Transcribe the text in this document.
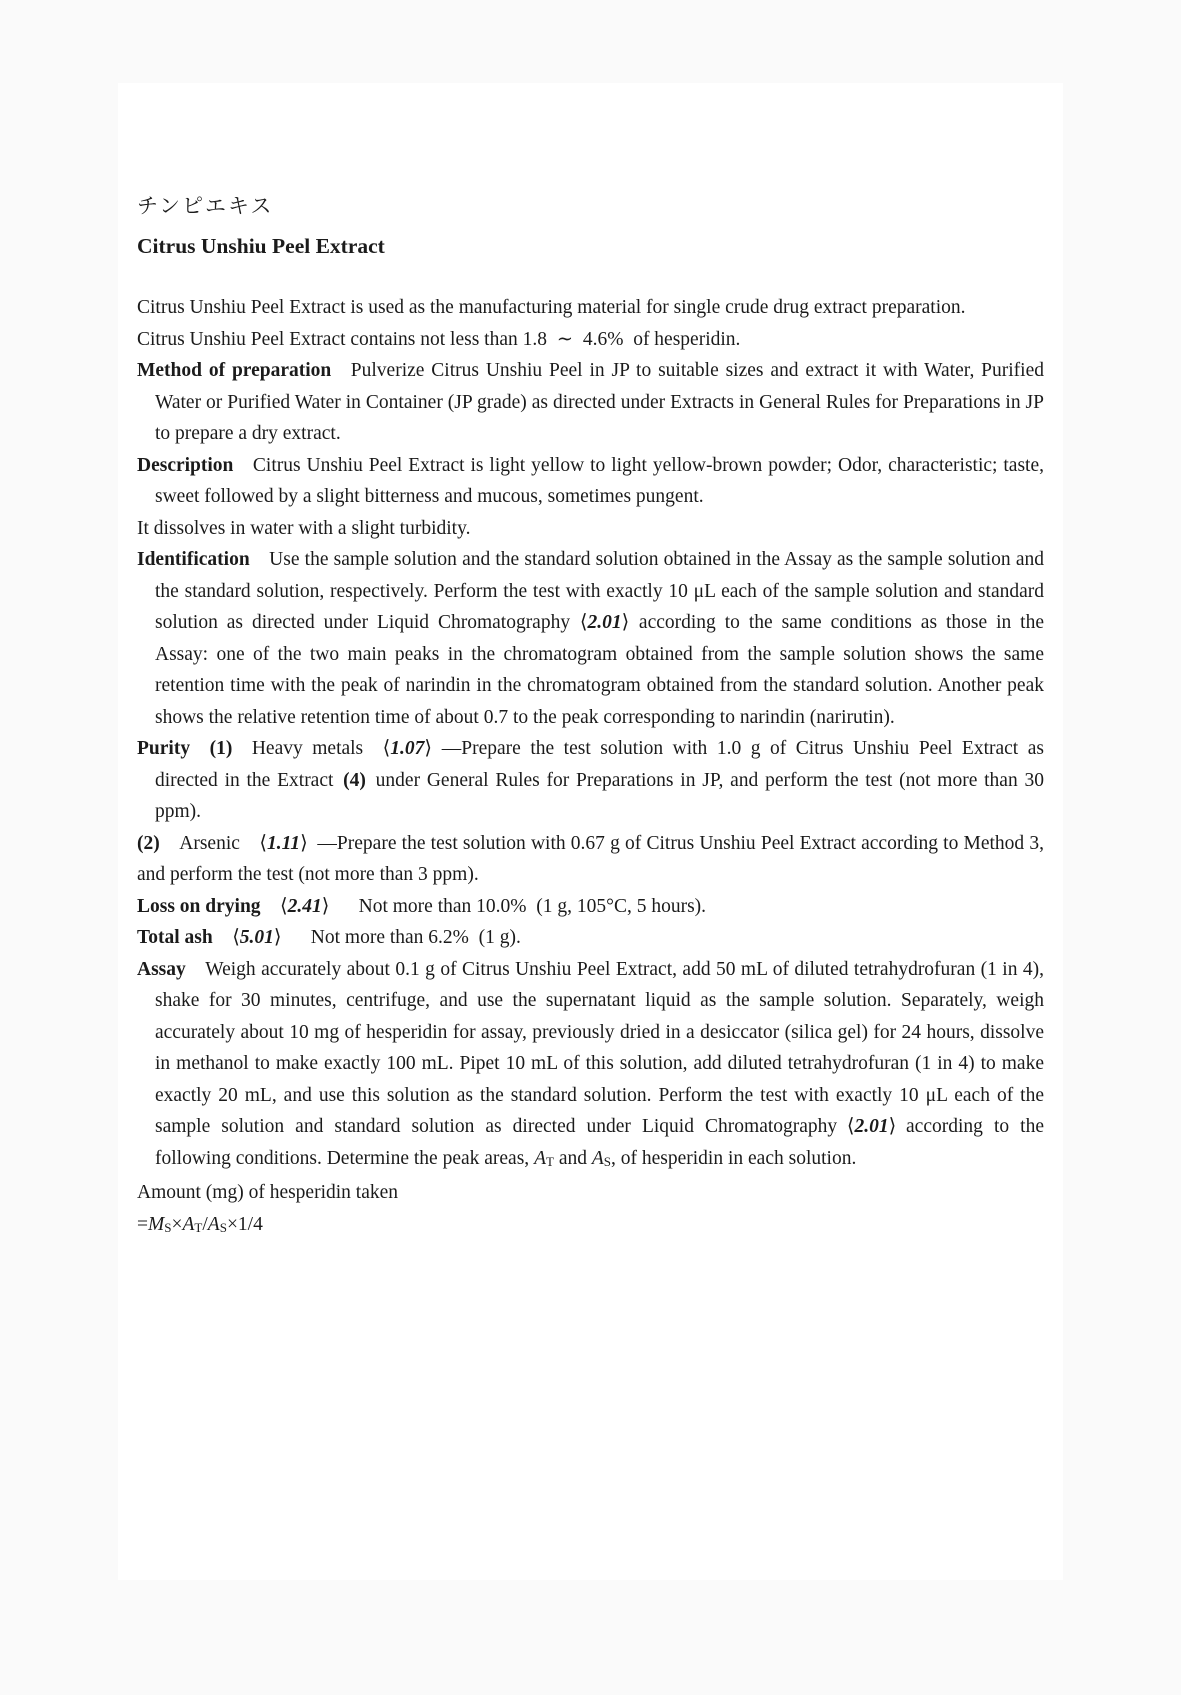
チンピエキス
Citrus Unshiu Peel Extract

Citrus Unshiu Peel Extract is used as the manufacturing material for single crude drug extract preparation.

Citrus Unshiu Peel Extract contains not less than 1.8 ∼ 4.6% of hesperidin.

Method of preparation  Pulverize Citrus Unshiu Peel in JP to suitable sizes and extract it with Water, Purified Water or Purified Water in Container (JP grade) as directed under Extracts in General Rules for Preparations in JP to prepare a dry extract.

Description  Citrus Unshiu Peel Extract is light yellow to light yellow-brown powder; Odor, characteristic; taste, sweet followed by a slight bitterness and mucous, sometimes pungent.

It dissolves in water with a slight turbidity.

Identification  Use the sample solution and the standard solution obtained in the Assay as the sample solution and the standard solution, respectively. Perform the test with exactly 10 μL each of the sample solution and standard solution as directed under Liquid Chromatography ⟨2.01⟩ according to the same conditions as those in the Assay: one of the two main peaks in the chromatogram obtained from the sample solution shows the same retention time with the peak of narindin in the chromatogram obtained from the standard solution. Another peak shows the relative retention time of about 0.7 to the peak corresponding to narindin (narirutin).

Purity   (1)  Heavy metals  ⟨1.07⟩ —Prepare the test solution with 1.0 g of Citrus Unshiu Peel Extract as directed in the Extract (4) under General Rules for Preparations in JP, and perform the test (not more than 30 ppm).

(2)  Arsenic  ⟨1.11⟩ —Prepare the test solution with 0.67 g of Citrus Unshiu Peel Extract according to Method 3, and perform the test (not more than 3 ppm).

Loss on drying  ⟨2.41⟩   Not more than 10.0% (1 g, 105°C, 5 hours).

Total ash  ⟨5.01⟩   Not more than 6.2% (1 g).

Assay  Weigh accurately about 0.1 g of Citrus Unshiu Peel Extract, add 50 mL of diluted tetrahydrofuran (1 in 4), shake for 30 minutes, centrifuge, and use the supernatant liquid as the sample solution. Separately, weigh accurately about 10 mg of hesperidin for assay, previously dried in a desiccator (silica gel) for 24 hours, dissolve in methanol to make exactly 100 mL. Pipet 10 mL of this solution, add diluted tetrahydrofuran (1 in 4) to make exactly 20 mL, and use this solution as the standard solution. Perform the test with exactly 10 μL each of the sample solution and standard solution as directed under Liquid Chromatography ⟨2.01⟩ according to the following conditions. Determine the peak areas, AT and AS, of hesperidin in each solution.

Amount (mg) of hesperidin taken

=MS×AT/AS×1/4
